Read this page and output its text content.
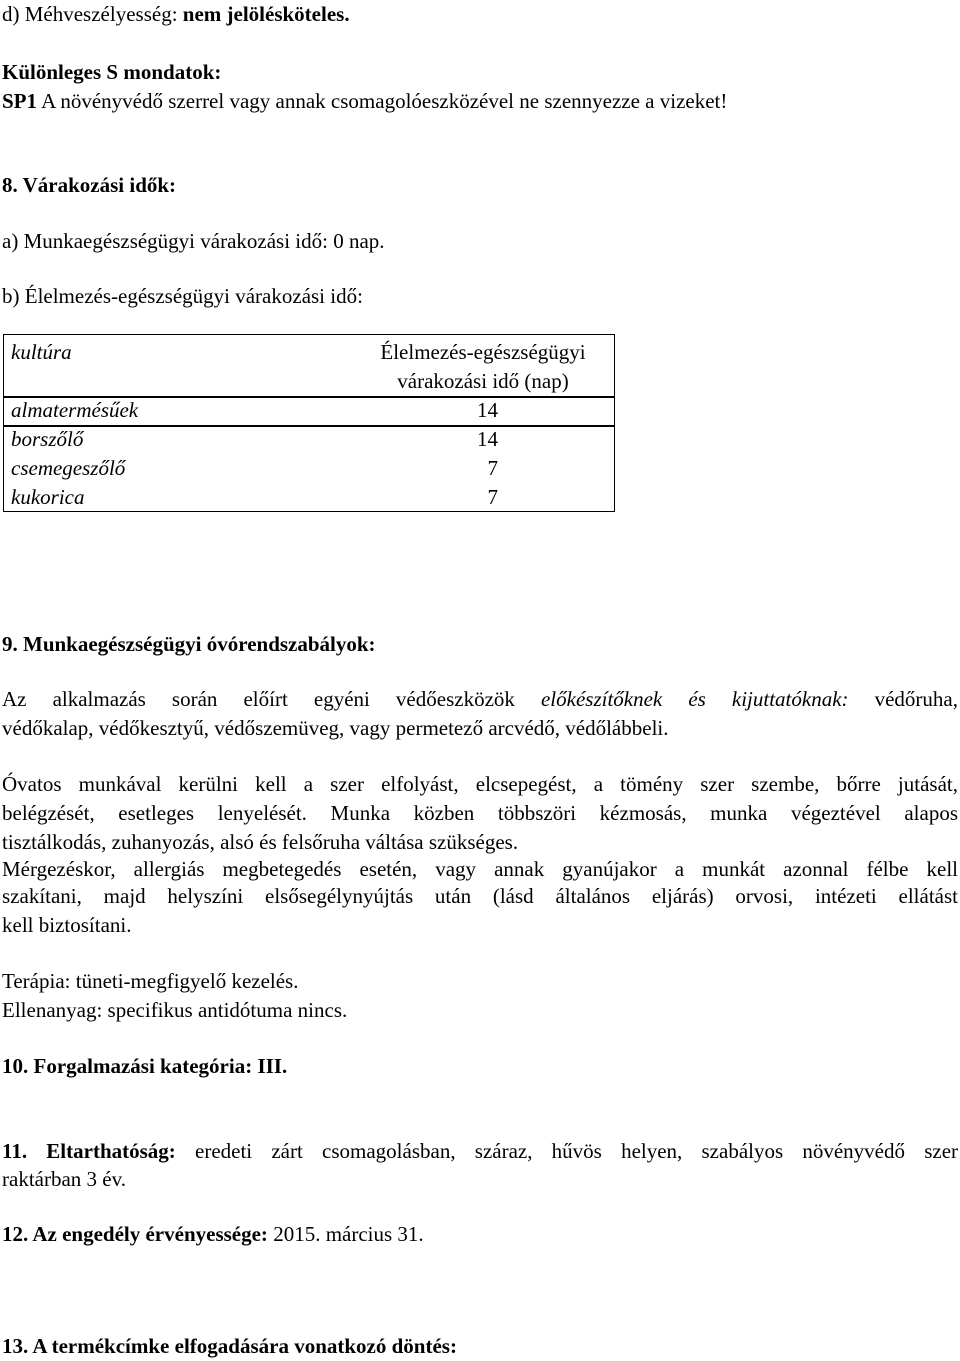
d) Méhveszélyesség: nem jelölésköteles.
Különleges S mondatok:
SP1 A növényvédő szerrel vagy annak csomagolóeszközével ne szennyezze a vizeket!
8. Várakozási idők:
a) Munkaegészségügyi várakozási idő: 0 nap.
b) Élelmezés-egészségügyi várakozási idő:
kultúra	Élelmezés-egészségügyi
várakozási idő (nap)
almatermésűek	14
borszőlő	14
csemegeszőlő	7
kukorica	7
9. Munkaegészségügyi óvórendszabályok:
Az alkalmazás során előírt egyéni védőeszközök előkészítőknek és kijuttatóknak: védőruha,
védőkalap, védőkesztyű, védőszemüveg, vagy permetező arcvédő, védőlábbeli.
Óvatos munkával kerülni kell a szer elfolyást, elcsepegést, a tömény szer szembe, bőrre jutását,
belégzését, esetleges lenyelését. Munka közben többszöri kézmosás, munka végeztével alapos
tisztálkodás, zuhanyozás, alsó és felsőruha váltása szükséges.
Mérgezéskor, allergiás megbetegedés esetén, vagy annak gyanújakor a munkát azonnal félbe kell
szakítani, majd helyszíni elsősegélynyújtás után (lásd általános eljárás) orvosi, intézeti ellátást
kell biztosítani.
Terápia: tüneti-megfigyelő kezelés.
Ellenanyag: specifikus antidótuma nincs.
10. Forgalmazási kategória: III.
11. Eltarthatóság: eredeti zárt csomagolásban, száraz, hűvös helyen, szabályos növényvédő szer
raktárban 3 év.
12. Az engedély érvényessége: 2015. március 31.
13. A termékcímke elfogadására vonatkozó döntés:
